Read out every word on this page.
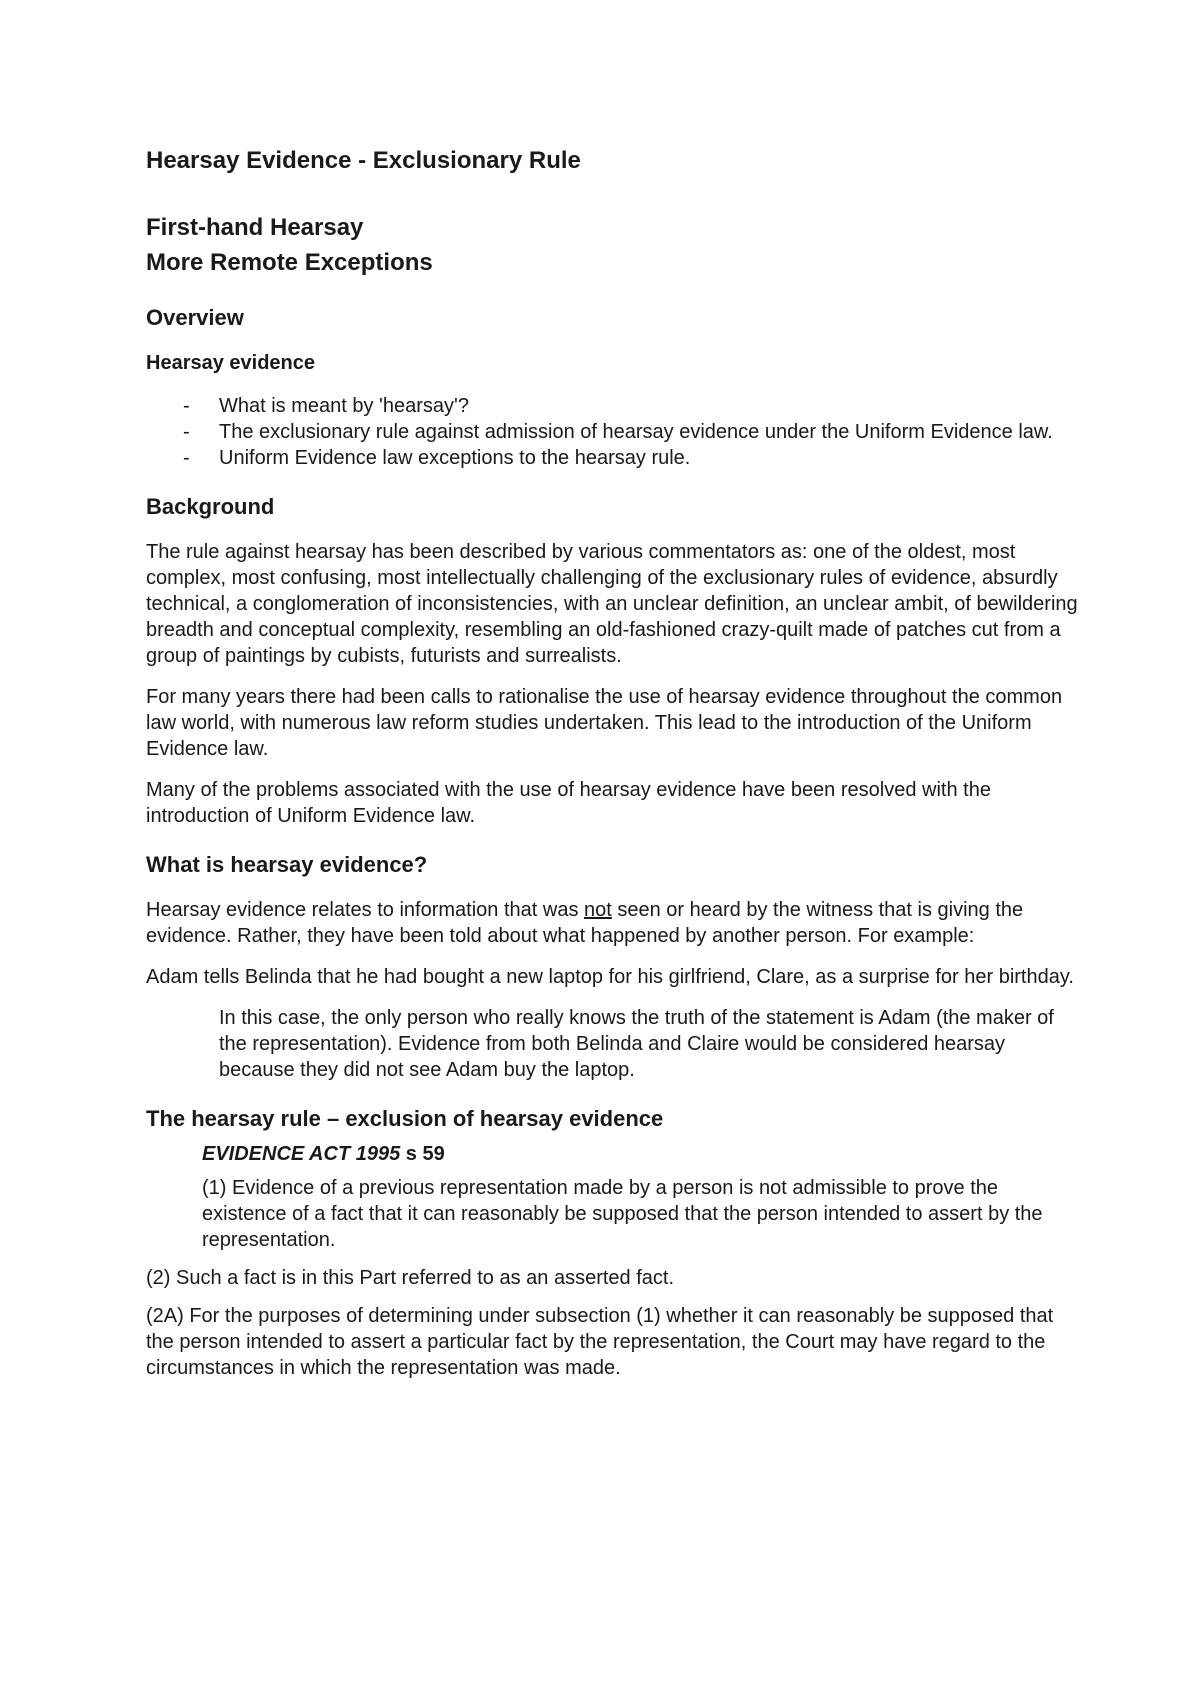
Hearsay Evidence - Exclusionary Rule
First-hand Hearsay
More Remote Exceptions
Overview
Hearsay evidence
- What is meant by 'hearsay'?
- The exclusionary rule against admission of hearsay evidence under the Uniform Evidence law.
- Uniform Evidence law exceptions to the hearsay rule.
Background

The rule against hearsay has been described by various commentators as: one of the oldest, most complex, most confusing, most intellectually challenging of the exclusionary rules of evidence, absurdly technical, a conglomeration of inconsistencies, with an unclear definition, an unclear ambit, of bewildering breadth and conceptual complexity, resembling an old-fashioned crazy-quilt made of patches cut from a group of paintings by cubists, futurists and surrealists.

For many years there had been calls to rationalise the use of hearsay evidence throughout the common law world, with numerous law reform studies undertaken. This lead to the introduction of the Uniform Evidence law.

Many of the problems associated with the use of hearsay evidence have been resolved with the introduction of Uniform Evidence law.

What is hearsay evidence?

Hearsay evidence relates to information that was not seen or heard by the witness that is giving the evidence. Rather, they have been told about what happened by another person. For example:

Adam tells Belinda that he had bought a new laptop for his girlfriend, Clare, as a surprise for her birthday.

In this case, the only person who really knows the truth of the statement is Adam (the maker of the representation). Evidence from both Belinda and Claire would be considered hearsay because they did not see Adam buy the laptop.

The hearsay rule – exclusion of hearsay evidence
EVIDENCE ACT 1995 s 59

(1) Evidence of a previous representation made by a person is not admissible to prove the existence of a fact that it can reasonably be supposed that the person intended to assert by the representation.

(2) Such a fact is in this Part referred to as an asserted fact.

(2A) For the purposes of determining under subsection (1) whether it can reasonably be supposed that the person intended to assert a particular fact by the representation, the Court may have regard to the circumstances in which the representation was made.
